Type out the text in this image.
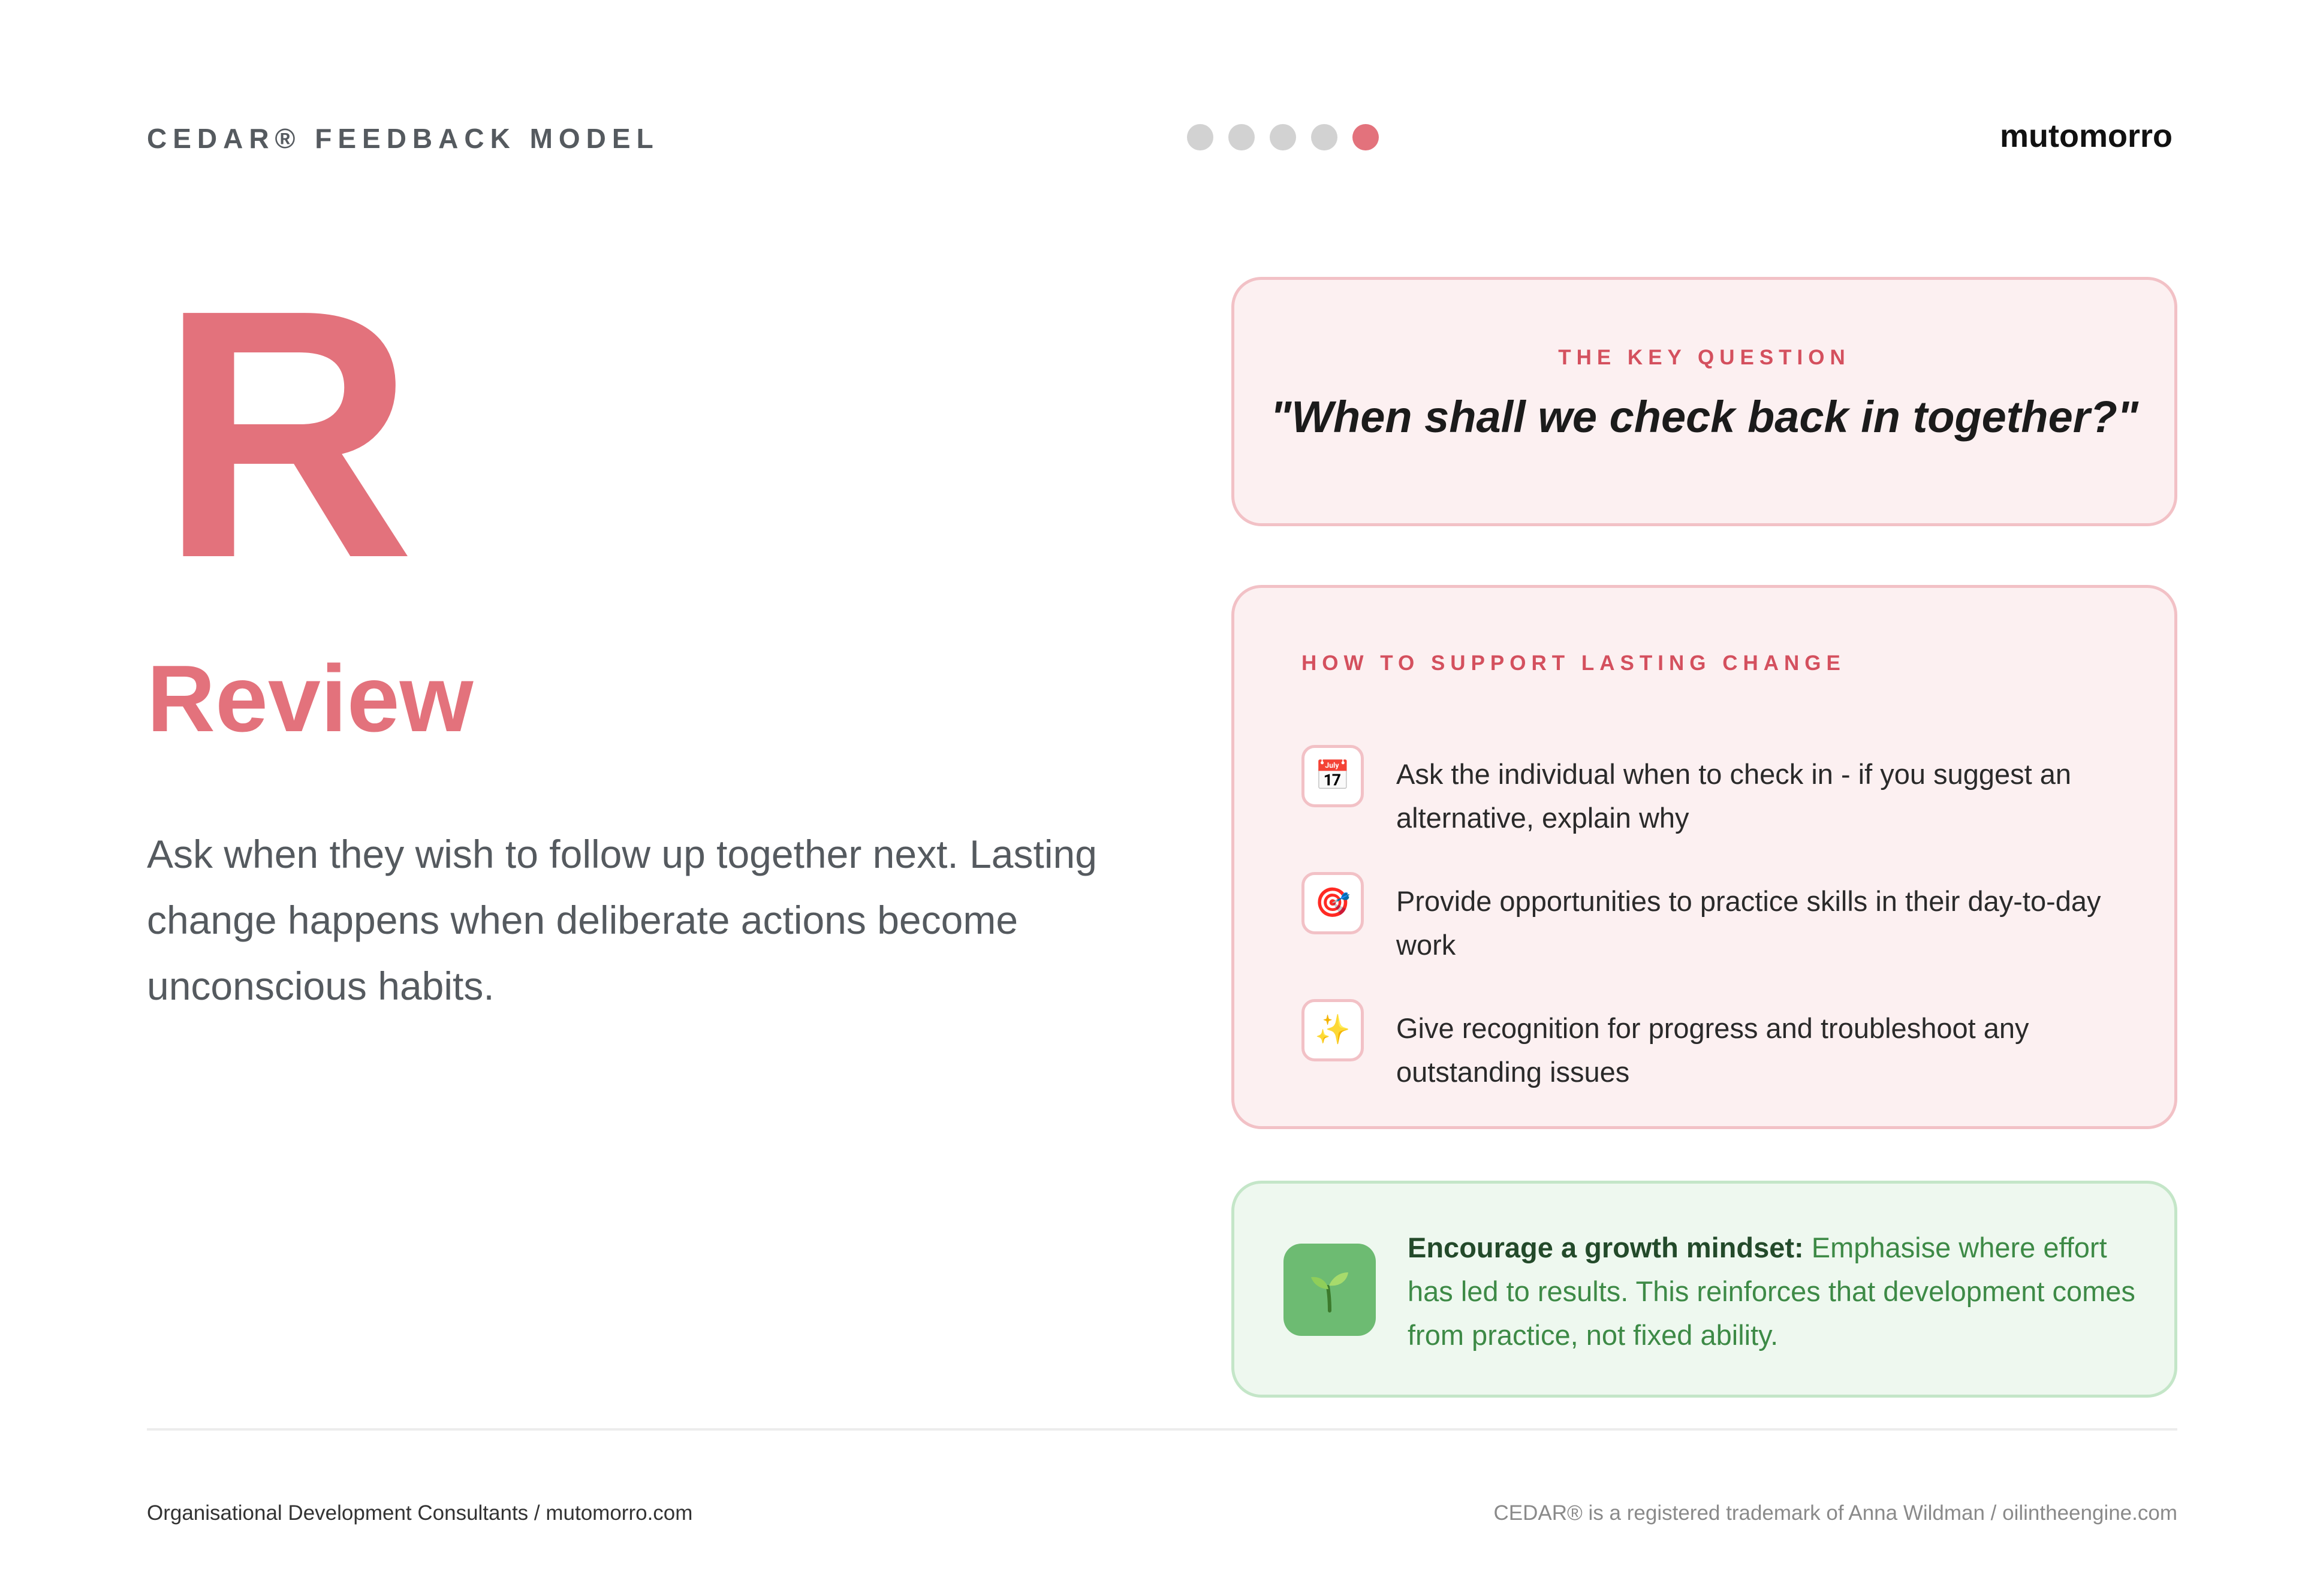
CEDAR® FEEDBACK MODEL	mutomorro
R
Review
Ask when they wish to follow up together next. Lasting change happens when deliberate actions become unconscious habits.
THE KEY QUESTION
"When shall we check back in together?"
HOW TO SUPPORT LASTING CHANGE
📅	Ask the individual when to check in - if you suggest an alternative, explain why
🎯	Provide opportunities to practice skills in their day-to-day work
✨	Give recognition for progress and troubleshoot any outstanding issues
Encourage a growth mindset: Emphasise where effort has led to results. This reinforces that development comes from practice, not fixed ability.
Organisational Development Consultants / mutomorro.com	CEDAR® is a registered trademark of Anna Wildman / oilintheengine.com
